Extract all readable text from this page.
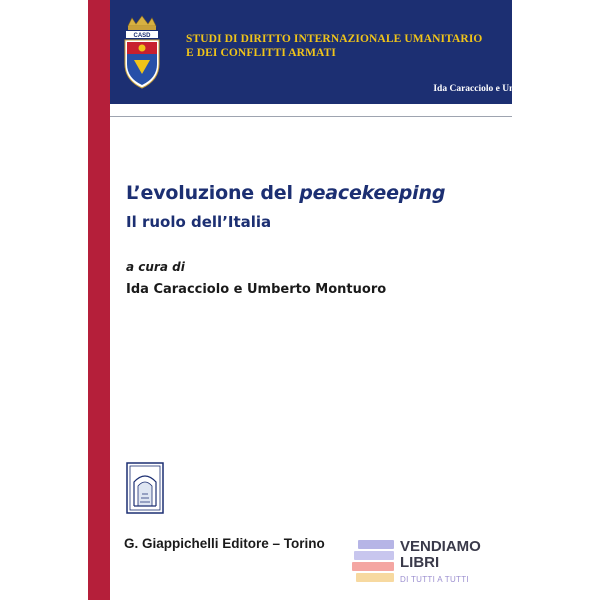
CASD	STUDI DI DIRITTO INTERNAZIONALE UMANITARIO
E DEI CONFLITTI ARMATI
Collana diretta da
Ida Caracciolo e Umberto Montuoro
Centro Alti Studi per la Difesa
L’evoluzione del peacekeeping
Il ruolo dell’Italia
a cura di
Ida Caracciolo e Umberto Montuoro
G. Giappichelli Editore – Torino	VENDIAMO
LIBRI
DI TUTTI A TUTTI
